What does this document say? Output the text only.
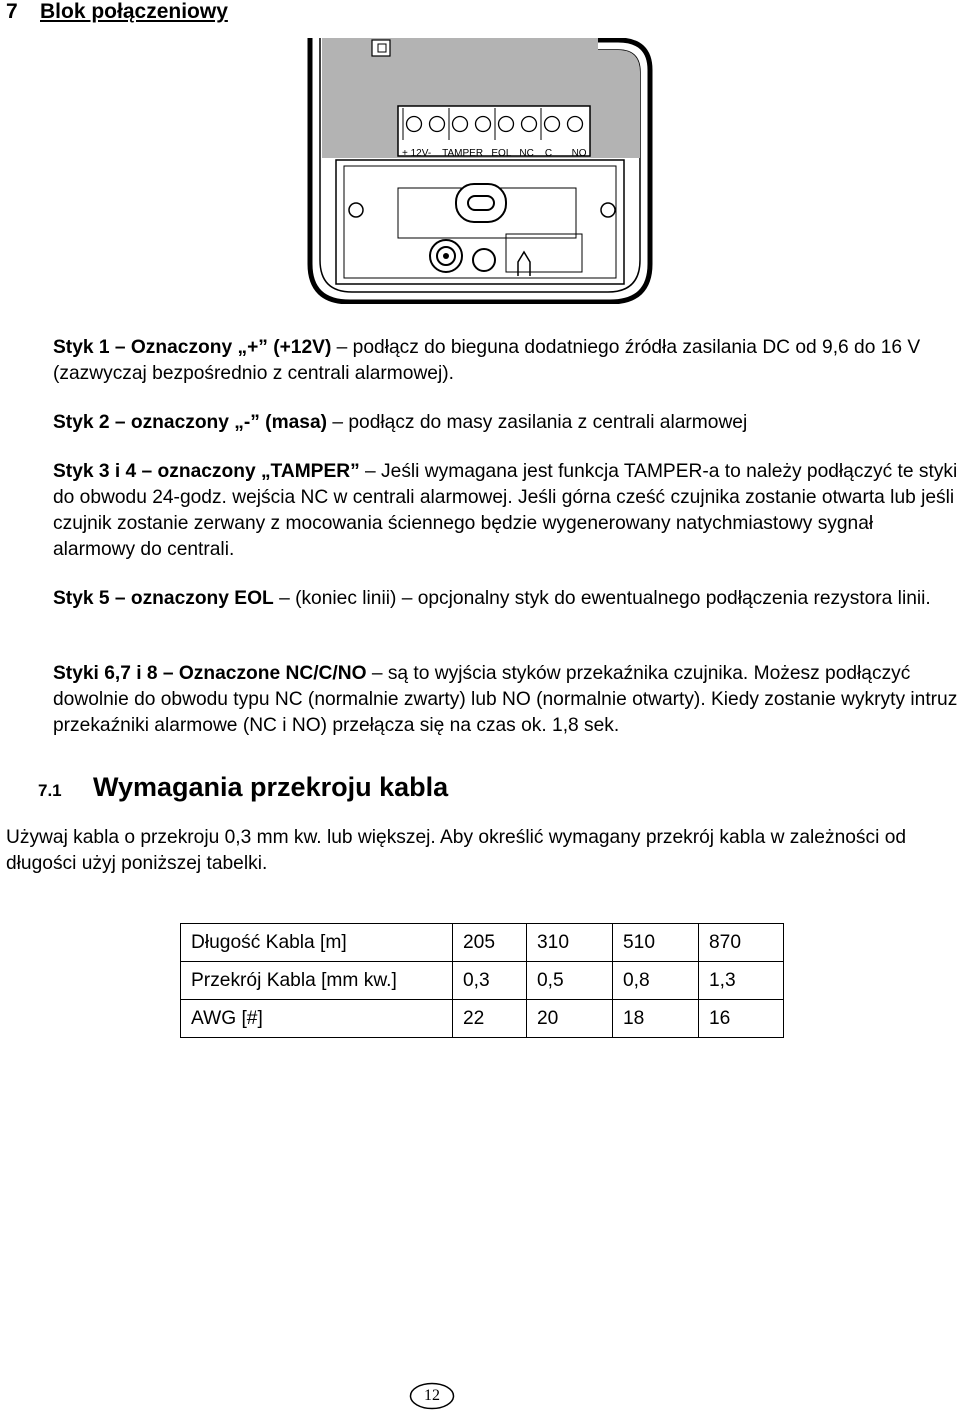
7 Blok połączeniowy
+ 12V-    TAMPER   EOL   NC    C       NO
Styk 1 – Oznaczony „+” (+12V) – podłącz do bieguna dodatniego źródła zasilania DC od 9,6 do 16 V (zazwyczaj bezpośrednio z centrali alarmowej).
Styk 2 – oznaczony „-” (masa) – podłącz do masy zasilania z centrali alarmowej
Styk 3 i 4 – oznaczony „TAMPER” – Jeśli wymagana jest funkcja TAMPER-a to należy podłączyć te styki do obwodu 24-godz. wejścia NC w centrali alarmowej. Jeśli górna cześć czujnika zostanie otwarta lub jeśli czujnik zostanie zerwany z mocowania ściennego będzie wygenerowany natychmiastowy sygnał alarmowy do centrali.
Styk 5 – oznaczony EOL – (koniec linii) – opcjonalny styk do ewentualnego podłączenia rezystora linii.
Styki 6,7 i 8 – Oznaczone NC/C/NO – są to wyjścia styków przekaźnika czujnika. Możesz podłączyć dowolnie do obwodu typu NC (normalnie zwarty) lub NO (normalnie otwarty). Kiedy zostanie wykryty intruz przekaźniki alarmowe (NC i NO) przełącza się na czas ok. 1,8 sek.
7.1 Wymagania przekroju kabla
Używaj kabla o przekroju 0,3 mm kw. lub większej. Aby określić wymagany przekrój kabla w zależności od długości użyj poniższej tabelki.
Długość Kabla [m]	205	310	510	870
Przekrój Kabla [mm kw.]	0,3	0,5	0,8	1,3
AWG [#]	22	20	18	16
12
